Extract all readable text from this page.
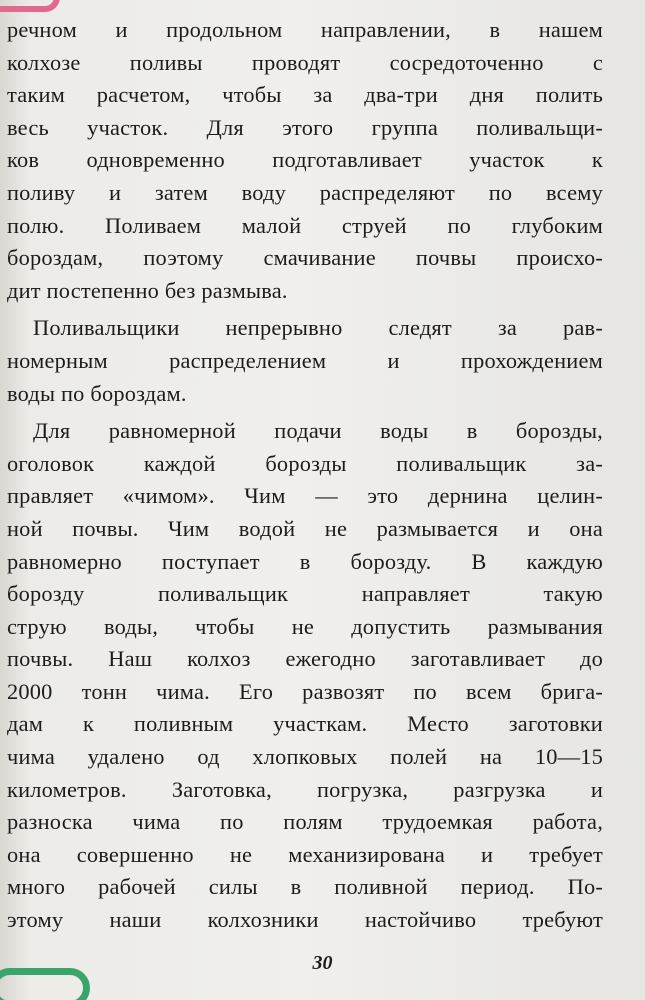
речном и продольном направлении, в нашем
колхозе поливы проводят сосредоточенно с
таким расчетом, чтобы за два-три дня полить
весь участок. Для этого группа поливальщи-
ков одновременно подготавливает участок к
поливу и затем воду распределяют по всему
полю. Поливаем малой струей по глубоким
бороздам, поэтому смачивание почвы происхо-
дит постепенно без размыва.
Поливальщики непрерывно следят за рав-
номерным распределением и прохождением
воды по бороздам.
Для равномерной подачи воды в борозды,
оголовок каждой борозды поливальщик за-
правляет «чимом». Чим — это дернина целин-
ной почвы. Чим водой не размывается и она
равномерно поступает в борозду. В каждую
борозду поливальщик направляет такую
струю воды, чтобы не допустить размывания
почвы. Наш колхоз ежегодно заготавливает до
2000 тонн чима. Его развозят по всем брига-
дам к поливным участкам. Место заготовки
чима удалено од хлопковых полей на 10—15
километров. Заготовка, погрузка, разгрузка и
разноска чима по полям трудоемкая работа,
она совершенно не механизирована и требует
много рабочей силы в поливной период. По-
этому наши колхозники настойчиво требуют
30
